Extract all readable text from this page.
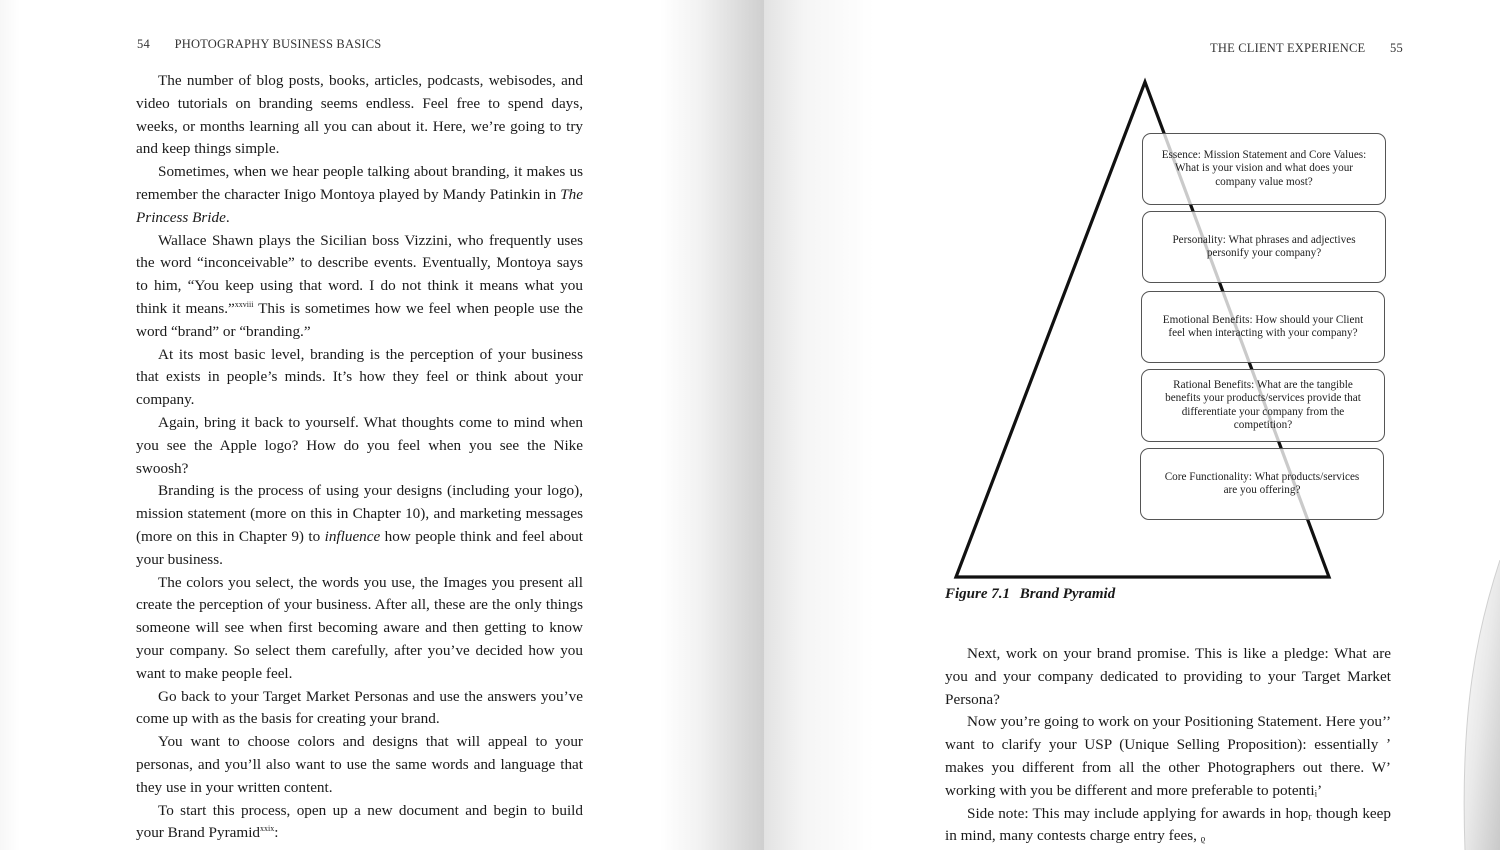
54 PHOTOGRAPHY BUSINESS BASICS

The number of blog posts, books, articles, podcasts, webisodes, and video tutorials on branding seems endless. Feel free to spend days, weeks, or months learning all you can about it. Here, we’re going to try and keep things simple.

Sometimes, when we hear people talking about branding, it makes us remember the character Inigo Montoya played by Mandy Patinkin in The Princess Bride.

Wallace Shawn plays the Sicilian boss Vizzini, who frequently uses the word “inconceivable” to describe events. Eventually, Montoya says to him, “You keep using that word. I do not think it means what you think it means.”$^{xxviii}$ This is sometimes how we feel when people use the word “brand” or “branding.”

At its most basic level, branding is the perception of your business that exists in people’s minds. It’s how they feel or think about your company.

Again, bring it back to yourself. What thoughts come to mind when you see the Apple logo? How do you feel when you see the Nike swoosh?

Branding is the process of using your designs (including your logo), mission statement (more on this in Chapter 10), and marketing messages (more on this in Chapter 9) to influence how people think and feel about your business.

The colors you select, the words you use, the Images you present all create the perception of your business. After all, these are the only things someone will see when first becoming aware and then getting to know your company. So select them carefully, after you’ve decided how you want to make people feel.

Go back to your Target Market Personas and use the answers you’ve come up with as the basis for creating your brand.

You want to choose colors and designs that will appeal to your personas, and you’ll also want to use the same words and language that they use in your written content.

To start this process, open up a new document and begin to build your Brand Pyramid$^{xxix}$:

THE CLIENT EXPERIENCE 55
Essence: Mission Statement and Core Values:
What is your vision and what does your
company value most?
Personality: What phrases and adjectives
personify your company?
Emotional Benefits: How should your Client
feel when interacting with your company?
Rational Benefits: What are the tangible
benefits your products/services provide that
differentiate your company from the
competition?
Core Functionality: What products/services
are you offering?
Figure 7.1 Brand Pyramid

Next, work on your brand promise. This is like a pledge: What are you and your company dedicated to providing to your Target Market Persona?

Now you’re going to work on your Positioning Statement. Here you’’ want to clarify your USP (Unique Selling Proposition): essentially ʼ makes you different from all the other Photographers out there. W’ working with you be different and more preferable to potentiᵢ’

Side note: This may include applying for awards in hopᵣ though keep in mind, many contests charge entry fees, ᵨ
